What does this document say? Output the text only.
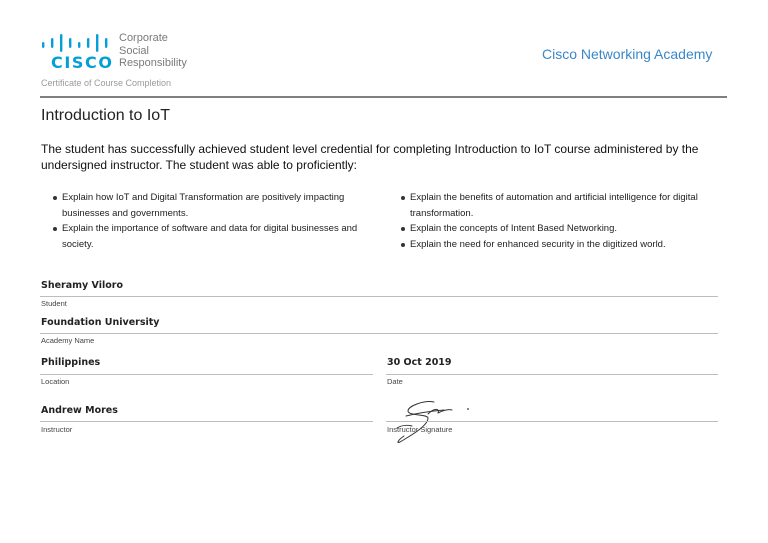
CISCO
Corporate
Social
Responsibility
Certificate of Course Completion
Cisco Networking Academy
Introduction to IoT
The student has successfully achieved student level credential for completing Introduction to IoT course administered by the undersigned instructor. The student was able to proficiently:
Explain how IoT and Digital Transformation are positively impacting businesses and governments.
Explain the importance of software and data for digital businesses and society.
Explain the benefits of automation and artificial intelligence for digital transformation.
Explain the concepts of Intent Based Networking.
Explain the need for enhanced security in the digitized world.
Sheramy Viloro
Student
Foundation University
Academy Name
Philippines
Location
30 Oct 2019
Date
Andrew Mores
Instructor	Instructor Signature
